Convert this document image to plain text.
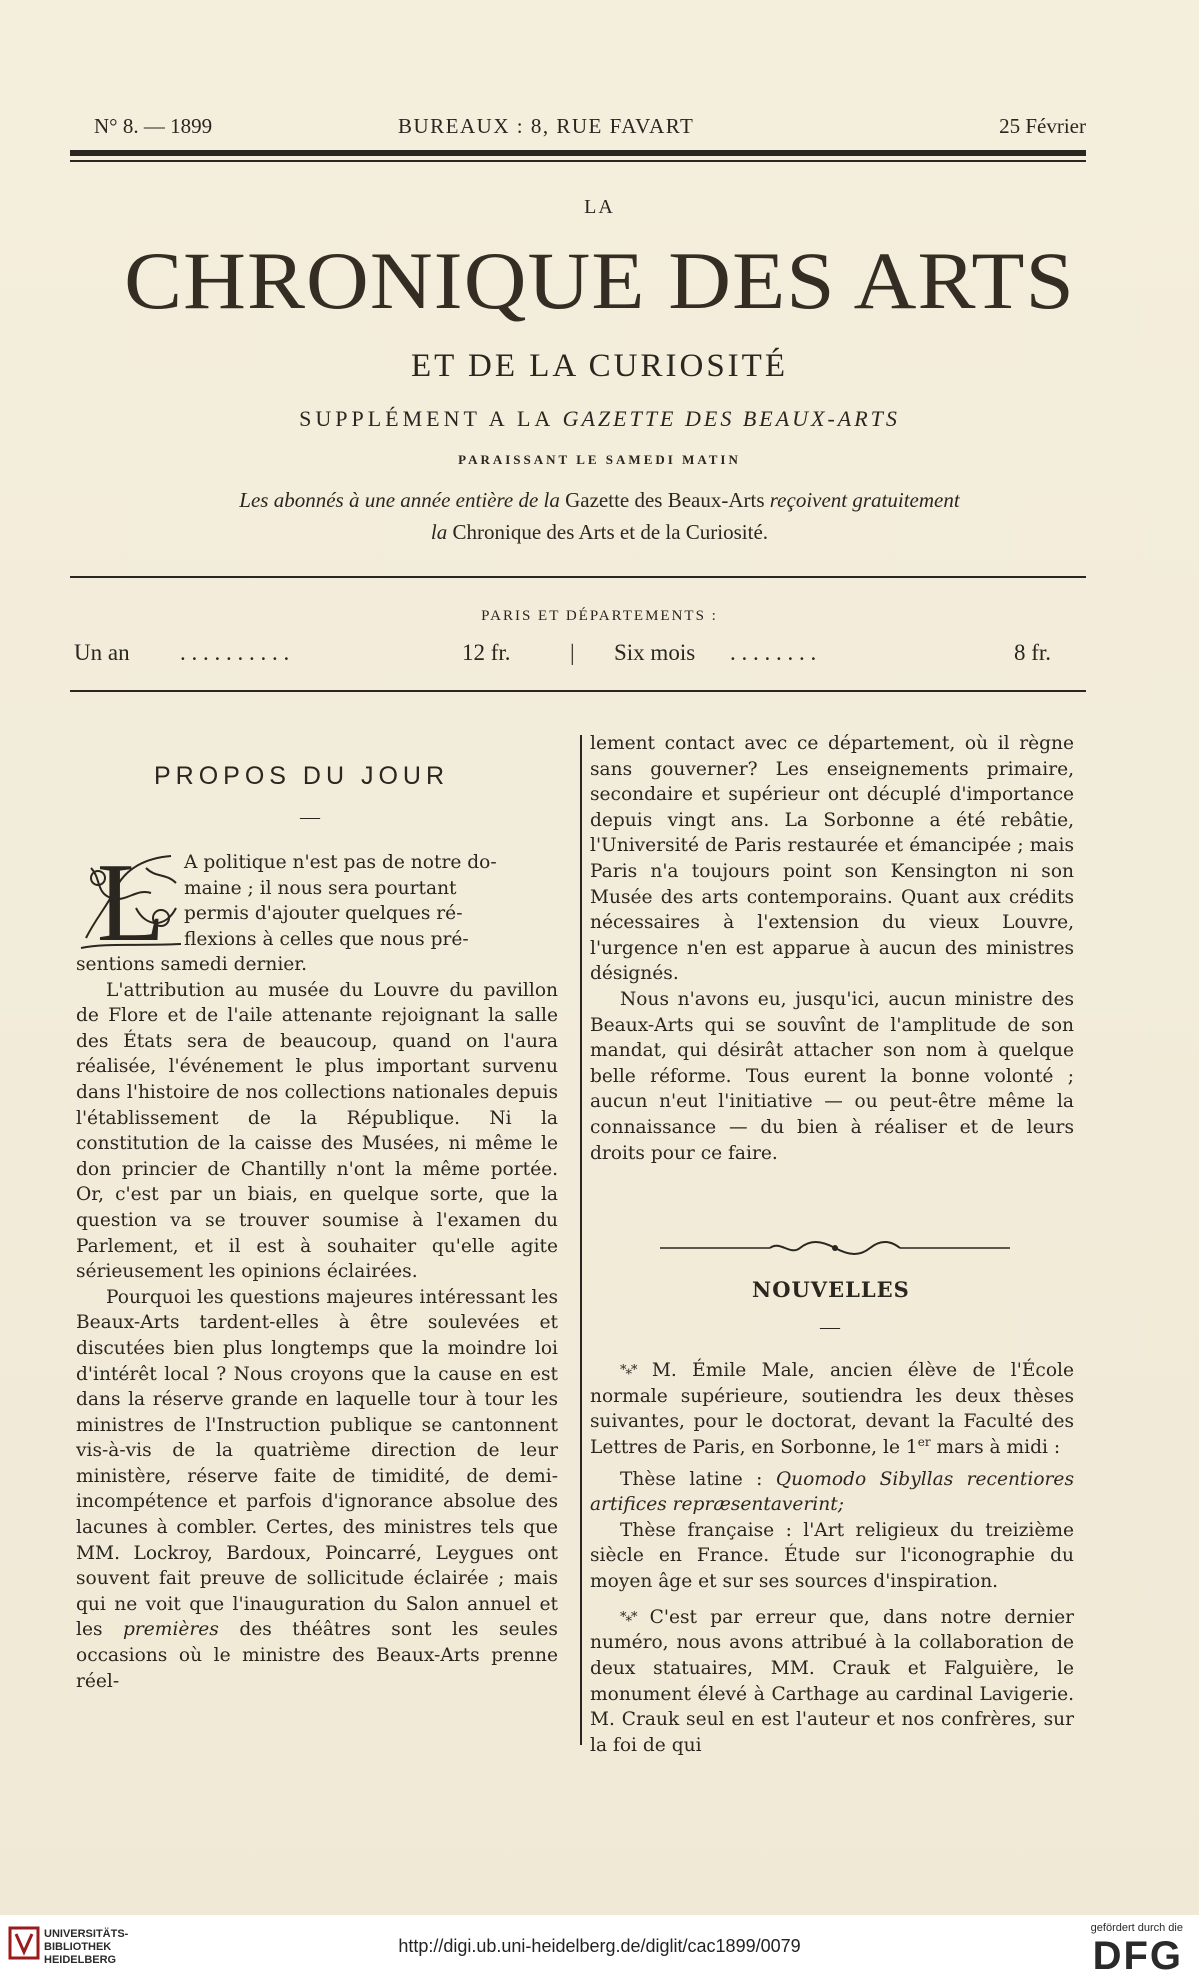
N° 8. — 1899	BUREAUX : 8, RUE FAVART	25 Février
LA
CHRONIQUE DES ARTS
ET DE LA CURIOSITÉ
SUPPLÉMENT A LA GAZETTE DES BEAUX-ARTS
PARAISSANT LE SAMEDI MATIN
Les abonnés à une année entière de la Gazette des Beaux-Arts reçoivent gratuitement
la Chronique des Arts et de la Curiosité.
PARIS ET DÉPARTEMENTS :
Un an . . . . . . . . . .	12 fr.	| Six mois . . . . . . . .	8 fr.
PROPOS DU JOUR
—
L	A politique n'est pas de notre do-
maine ; il nous sera pourtant
permis d'ajouter quelques ré-
flexions à celles que nous pré-

sentions samedi dernier.

L'attribution au musée du Louvre du pavillon de Flore et de l'aile attenante rejoignant la salle des États sera de beaucoup, quand on l'aura réalisée, l'événement le plus important survenu dans l'histoire de nos collections nationales depuis l'établissement de la République. Ni la constitution de la caisse des Musées, ni même le don princier de Chantilly n'ont la même portée. Or, c'est par un biais, en quelque sorte, que la question va se trouver soumise à l'examen du Parlement, et il est à souhaiter qu'elle agite sérieusement les opinions éclairées.

Pourquoi les questions majeures intéressant les Beaux-Arts tardent-elles à être soulevées et discutées bien plus longtemps que la moindre loi d'intérêt local ? Nous croyons que la cause en est dans la réserve grande en laquelle tour à tour les ministres de l'Instruction publique se cantonnent vis-à-vis de la quatrième direction de leur ministère, réserve faite de timidité, de demi-incompétence et parfois d'ignorance absolue des lacunes à combler. Certes, des ministres tels que MM. Lockroy, Bardoux, Poincarré, Leygues ont souvent fait preuve de sollicitude éclairée ; mais qui ne voit que l'inauguration du Salon annuel et les premières des théâtres sont les seules occasions où le ministre des Beaux-Arts prenne réel-

lement contact avec ce département, où il règne sans gouverner? Les enseignements primaire, secondaire et supérieur ont décuplé d'importance depuis vingt ans. La Sorbonne a été rebâtie, l'Université de Paris restaurée et émancipée ; mais Paris n'a toujours point son Kensington ni son Musée des arts contemporains. Quant aux crédits nécessaires à l'extension du vieux Louvre, l'urgence n'en est apparue à aucun des ministres désignés.

Nous n'avons eu, jusqu'ici, aucun ministre des Beaux-Arts qui se souvînt de l'amplitude de son mandat, qui désirât attacher son nom à quelque belle réforme. Tous eurent la bonne volonté ; aucun n'eut l'initiative — ou peut-être même la connaissance — du bien à réaliser et de leurs droits pour ce faire.

NOUVELLES
—

*⁎* M. Émile Male, ancien élève de l'École normale supérieure, soutiendra les deux thèses suivantes, pour le doctorat, devant la Faculté des Lettres de Paris, en Sorbonne, le 1er mars à midi :

Thèse latine : Quomodo Sibyllas recentiores artifices repræsentaverint;

Thèse française : l'Art religieux du treizième siècle en France. Étude sur l'iconographie du moyen âge et sur ses sources d'inspiration.

*⁎* C'est par erreur que, dans notre dernier numéro, nous avons attribué à la collaboration de deux statuaires, MM. Crauk et Falguière, le monument élevé à Carthage au cardinal Lavigerie. M. Crauk seul en est l'auteur et nos confrères, sur la foi de qui

UNIVERSITÄTS-
BIBLIOTHEK
HEIDELBERG
http://digi.ub.uni-heidelberg.de/diglit/cac1899/0079
gefördert durch die
DFG
